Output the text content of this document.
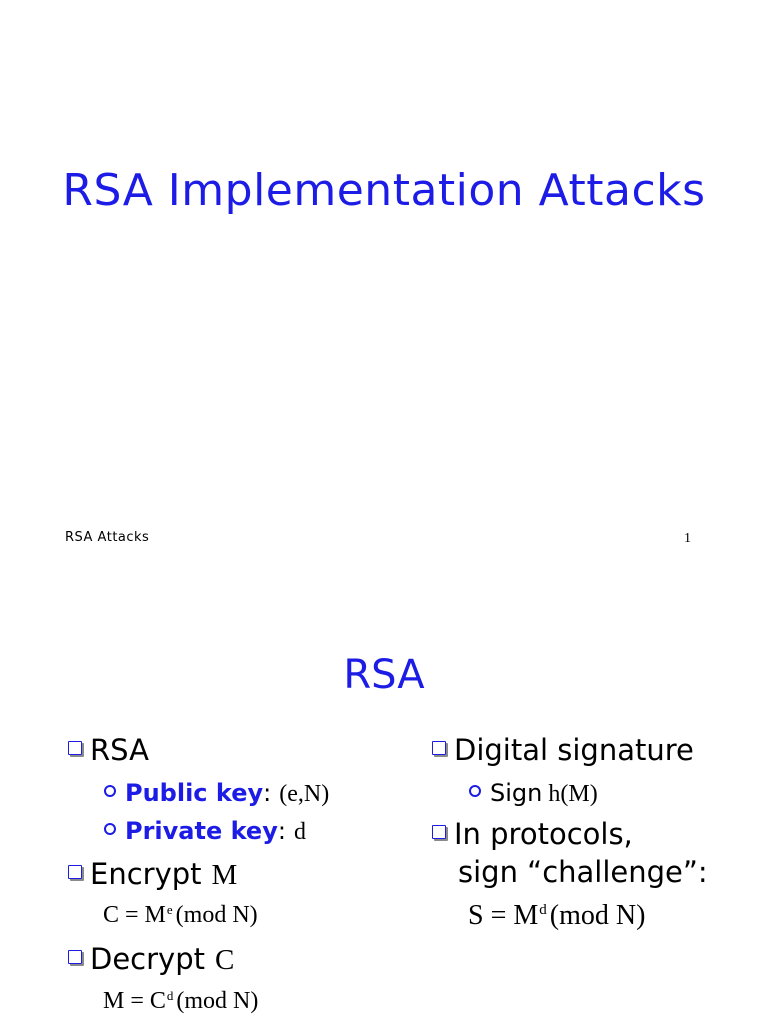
RSA Implementation Attacks
RSA Attacks	1
RSA
RSA
Public key : (e,N)
Private key : d
Encrypt M
$C = M^e$ (mod N)
Decrypt C
$M = C^d$ (mod N)
Digital signature
Sign h(M)
In protocols,
sign “challenge”:
$S = M^d$ (mod N)
